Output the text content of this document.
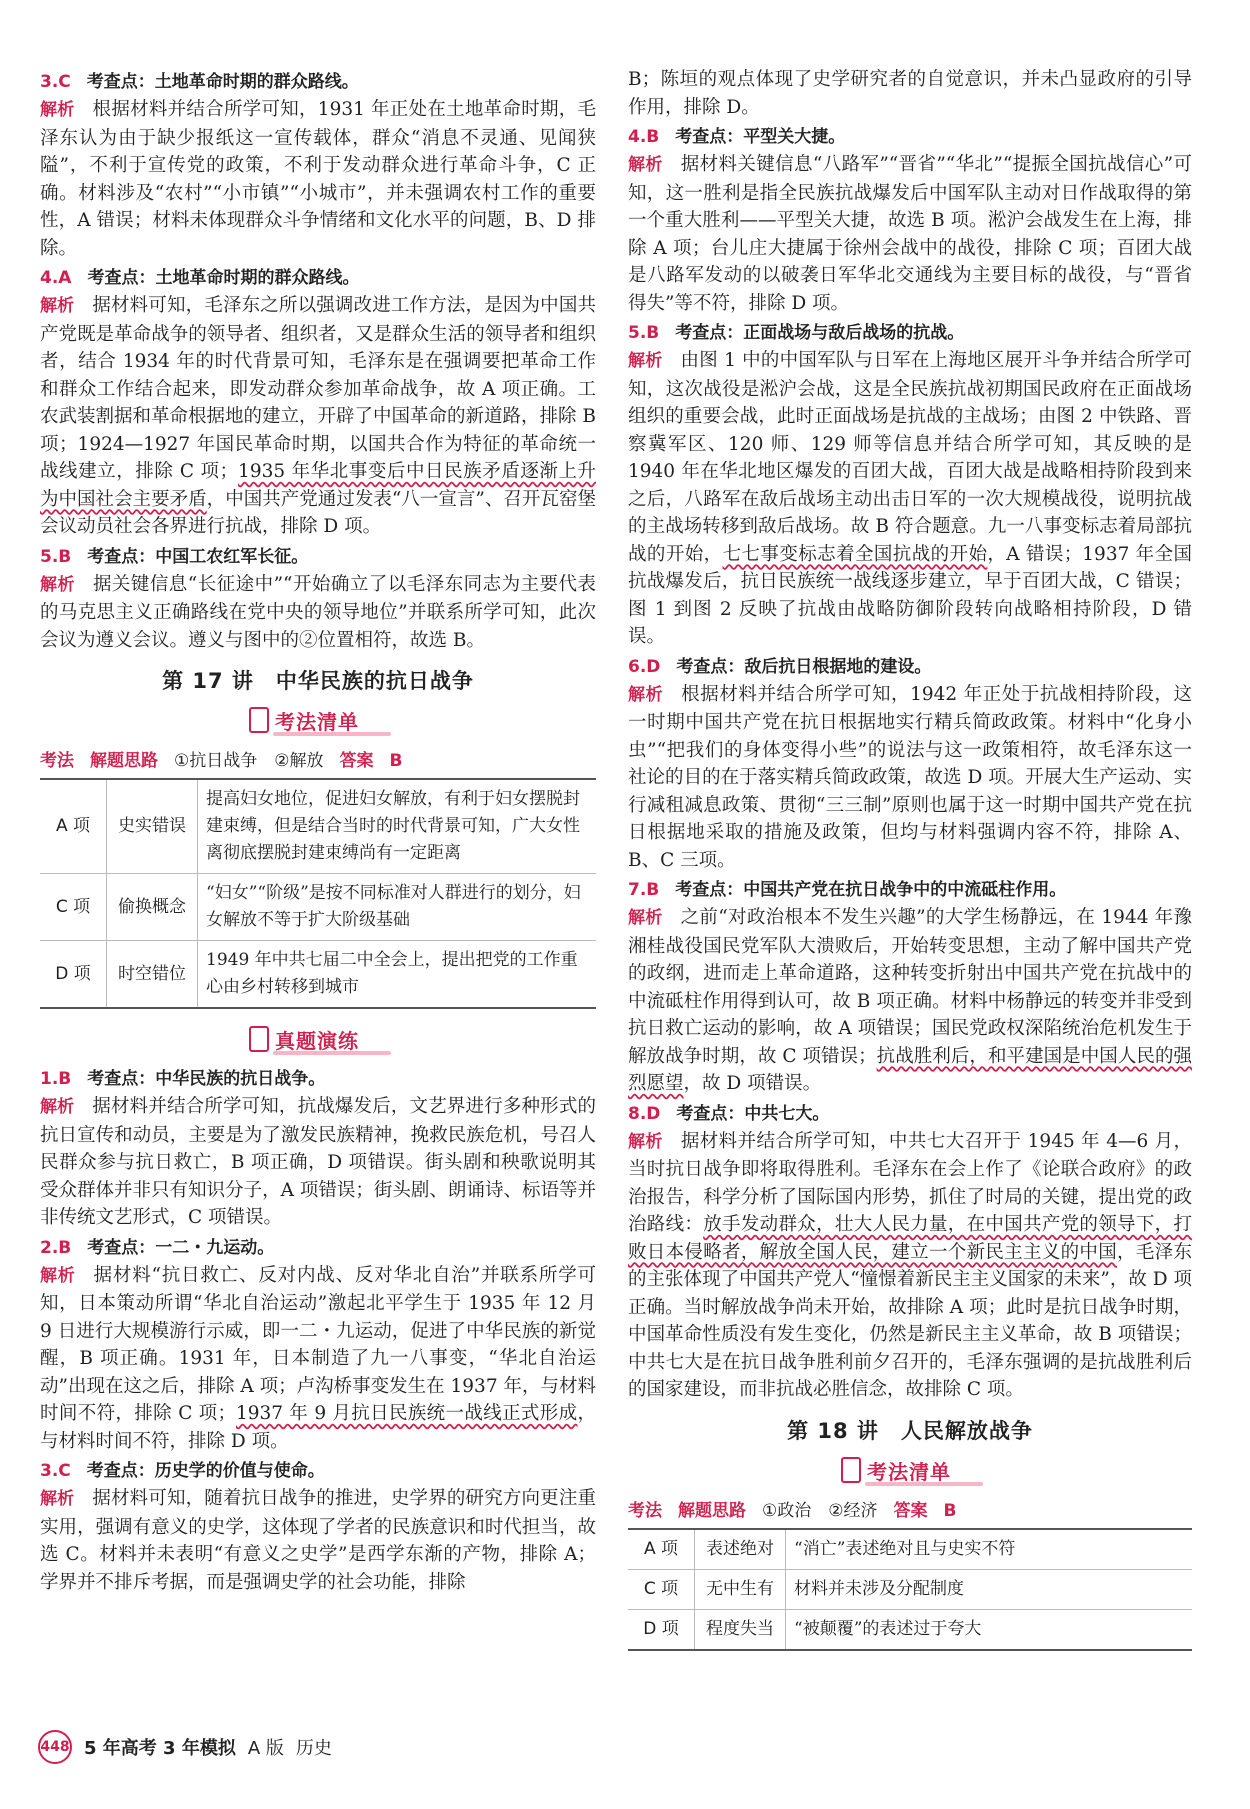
3.C 考查点：土地革命时期的群众路线。

解析 根据材料并结合所学可知，1931 年正处在土地革命时期，毛泽东认为由于缺少报纸这一宣传载体，群众“消息不灵通、见闻狭隘”，不利于宣传党的政策，不利于发动群众进行革命斗争，C 正确。材料涉及“农村”“小市镇”“小城市”，并未强调农村工作的重要性，A 错误；材料未体现群众斗争情绪和文化水平的问题，B、D 排除。

4.A 考查点：土地革命时期的群众路线。

解析 据材料可知，毛泽东之所以强调改进工作方法，是因为中国共产党既是革命战争的领导者、组织者，又是群众生活的领导者和组织者，结合 1934 年的时代背景可知，毛泽东是在强调要把革命工作和群众工作结合起来，即发动群众参加革命战争，故 A 项正确。工农武装割据和革命根据地的建立，开辟了中国革命的新道路，排除 B 项；1924—1927 年国民革命时期，以国共合作为特征的革命统一战线建立，排除 C 项；1935 年华北事变后中日民族矛盾逐渐上升为中国社会主要矛盾，中国共产党通过发表“八一宣言”、召开瓦窑堡会议动员社会各界进行抗战，排除 D 项。

5.B 考查点：中国工农红军长征。

解析 据关键信息“长征途中”“开始确立了以毛泽东同志为主要代表的马克思主义正确路线在党中央的领导地位”并联系所学可知，此次会议为遵义会议。遵义与图中的②位置相符，故选 B。

第 17 讲　中华民族的抗日战争
考法清单
考法 解题思路 ①抗日战争　②解放 答案 B
A 项	史实错误	提高妇女地位，促进妇女解放，有利于妇女摆脱封建束缚，但是结合当时的时代背景可知，广大女性离彻底摆脱封建束缚尚有一定距离
C 项	偷换概念	“妇女”“阶级”是按不同标准对人群进行的划分，妇女解放不等于扩大阶级基础
D 项	时空错位	1949 年中共七届二中全会上，提出把党的工作重心由乡村转移到城市
真题演练
1.B 考查点：中华民族的抗日战争。

解析 据材料并结合所学可知，抗战爆发后，文艺界进行多种形式的抗日宣传和动员，主要是为了激发民族精神，挽救民族危机，号召人民群众参与抗日救亡，B 项正确，D 项错误。街头剧和秧歌说明其受众群体并非只有知识分子，A 项错误；街头剧、朗诵诗、标语等并非传统文艺形式，C 项错误。

2.B 考查点：一二・九运动。

解析 据材料“抗日救亡、反对内战、反对华北自治”并联系所学可知，日本策动所谓“华北自治运动”激起北平学生于 1935 年 12 月 9 日进行大规模游行示威，即一二・九运动，促进了中华民族的新觉醒，B 项正确。1931 年，日本制造了九一八事变，“华北自治运动”出现在这之后，排除 A 项；卢沟桥事变发生在 1937 年，与材料时间不符，排除 C 项；1937 年 9 月抗日民族统一战线正式形成，与材料时间不符，排除 D 项。

3.C 考查点：历史学的价值与使命。

解析 据材料可知，随着抗日战争的推进，史学界的研究方向更注重实用，强调有意义的史学，这体现了学者的民族意识和时代担当，故选 C。材料并未表明“有意义之史学”是西学东渐的产物，排除 A；学界并不排斥考据，而是强调史学的社会功能，排除

B；陈垣的观点体现了史学研究者的自觉意识，并未凸显政府的引导作用，排除 D。

4.B 考查点：平型关大捷。

解析 据材料关键信息“八路军”“晋省”“华北”“提振全国抗战信心”可知，这一胜利是指全民族抗战爆发后中国军队主动对日作战取得的第一个重大胜利——平型关大捷，故选 B 项。淞沪会战发生在上海，排除 A 项；台儿庄大捷属于徐州会战中的战役，排除 C 项；百团大战是八路军发动的以破袭日军华北交通线为主要目标的战役，与“晋省得失”等不符，排除 D 项。

5.B 考查点：正面战场与敌后战场的抗战。

解析 由图 1 中的中国军队与日军在上海地区展开斗争并结合所学可知，这次战役是淞沪会战，这是全民族抗战初期国民政府在正面战场组织的重要会战，此时正面战场是抗战的主战场；由图 2 中铁路、晋察冀军区、120 师、129 师等信息并结合所学可知，其反映的是 1940 年在华北地区爆发的百团大战，百团大战是战略相持阶段到来之后，八路军在敌后战场主动出击日军的一次大规模战役，说明抗战的主战场转移到敌后战场。故 B 符合题意。九一八事变标志着局部抗战的开始，七七事变标志着全国抗战的开始，A 错误；1937 年全国抗战爆发后，抗日民族统一战线逐步建立，早于百团大战，C 错误；图 1 到图 2 反映了抗战由战略防御阶段转向战略相持阶段，D 错误。

6.D 考查点：敌后抗日根据地的建设。

解析 根据材料并结合所学可知，1942 年正处于抗战相持阶段，这一时期中国共产党在抗日根据地实行精兵简政政策。材料中“化身小虫”“把我们的身体变得小些”的说法与这一政策相符，故毛泽东这一社论的目的在于落实精兵简政政策，故选 D 项。开展大生产运动、实行减租减息政策、贯彻“三三制”原则也属于这一时期中国共产党在抗日根据地采取的措施及政策，但均与材料强调内容不符，排除 A、B、C 三项。

7.B 考查点：中国共产党在抗日战争中的中流砥柱作用。

解析 之前“对政治根本不发生兴趣”的大学生杨静远，在 1944 年豫湘桂战役国民党军队大溃败后，开始转变思想，主动了解中国共产党的政纲，进而走上革命道路，这种转变折射出中国共产党在抗战中的中流砥柱作用得到认可，故 B 项正确。材料中杨静远的转变并非受到抗日救亡运动的影响，故 A 项错误；国民党政权深陷统治危机发生于解放战争时期，故 C 项错误；抗战胜利后，和平建国是中国人民的强烈愿望，故 D 项错误。

8.D 考查点：中共七大。

解析 据材料并结合所学可知，中共七大召开于 1945 年 4—6 月，当时抗日战争即将取得胜利。毛泽东在会上作了《论联合政府》的政治报告，科学分析了国际国内形势，抓住了时局的关键，提出党的政治路线：放手发动群众，壮大人民力量，在中国共产党的领导下，打败日本侵略者，解放全国人民，建立一个新民主主义的中国，毛泽东的主张体现了中国共产党人“憧憬着新民主主义国家的未来”，故 D 项正确。当时解放战争尚未开始，故排除 A 项；此时是抗日战争时期，中国革命性质没有发生变化，仍然是新民主主义革命，故 B 项错误；中共七大是在抗日战争胜利前夕召开的，毛泽东强调的是抗战胜利后的国家建设，而非抗战必胜信念，故排除 C 项。

第 18 讲　人民解放战争
考法清单
考法 解题思路 ①政治　②经济 答案 B
A 项	表述绝对	“消亡”表述绝对且与史实不符
C 项	无中生有	材料并未涉及分配制度
D 项	程度失当	“被颠覆”的表述过于夸大
448 5 年高考 3 年模拟 A 版 历史
